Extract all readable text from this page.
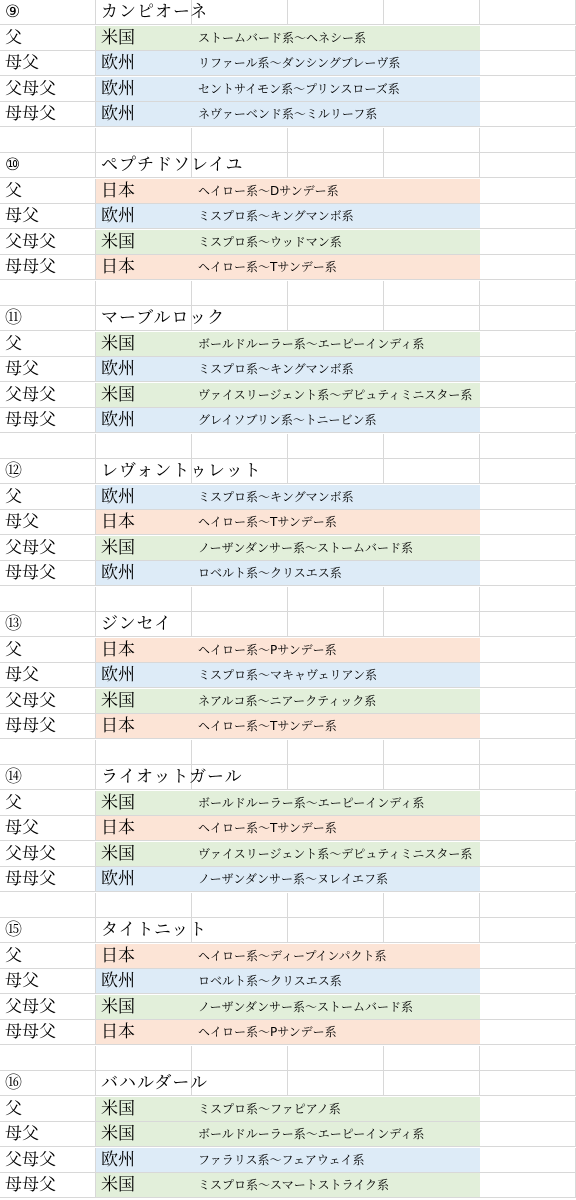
⑨	カンピオーネ
父	米国	ストームバード系〜ヘネシー系
母父	欧州	リファール系〜ダンシングブレーヴ系
父母父	欧州	セントサイモン系〜プリンスローズ系
母母父	欧州	ネヴァーベンド系〜ミルリーフ系
⑩	ペプチドソレイユ
父	日本	ヘイロー系〜Dサンデー系
母父	欧州	ミスプロ系〜キングマンボ系
父母父	米国	ミスプロ系〜ウッドマン系
母母父	日本	ヘイロー系〜Tサンデー系
⑪	マーブルロック
父	米国	ボールドルーラー系〜エーピーインディ系
母父	欧州	ミスプロ系〜キングマンボ系
父母父	米国	ヴァイスリージェント系〜デピュティミニスター系
母母父	欧州	グレイソブリン系〜トニービン系
⑫	レヴォントゥレット
父	欧州	ミスプロ系〜キングマンボ系
母父	日本	ヘイロー系〜Tサンデー系
父母父	米国	ノーザンダンサー系〜ストームバード系
母母父	欧州	ロベルト系〜クリスエス系
⑬	ジンセイ
父	日本	ヘイロー系〜Pサンデー系
母父	欧州	ミスプロ系〜マキャヴェリアン系
父母父	米国	ネアルコ系〜ニアークティック系
母母父	日本	ヘイロー系〜Tサンデー系
⑭	ライオットガール
父	米国	ボールドルーラー系〜エーピーインディ系
母父	日本	ヘイロー系〜Tサンデー系
父母父	米国	ヴァイスリージェント系〜デピュティミニスター系
母母父	欧州	ノーザンダンサー系〜ヌレイエフ系
⑮	タイトニット
父	日本	ヘイロー系〜ディープインパクト系
母父	欧州	ロベルト系〜クリスエス系
父母父	米国	ノーザンダンサー系〜ストームバード系
母母父	日本	ヘイロー系〜Pサンデー系
⑯	バハルダール
父	米国	ミスプロ系〜ファピアノ系
母父	米国	ボールドルーラー系〜エーピーインディ系
父母父	欧州	ファラリス系〜フェアウェイ系
母母父	米国	ミスプロ系〜スマートストライク系
